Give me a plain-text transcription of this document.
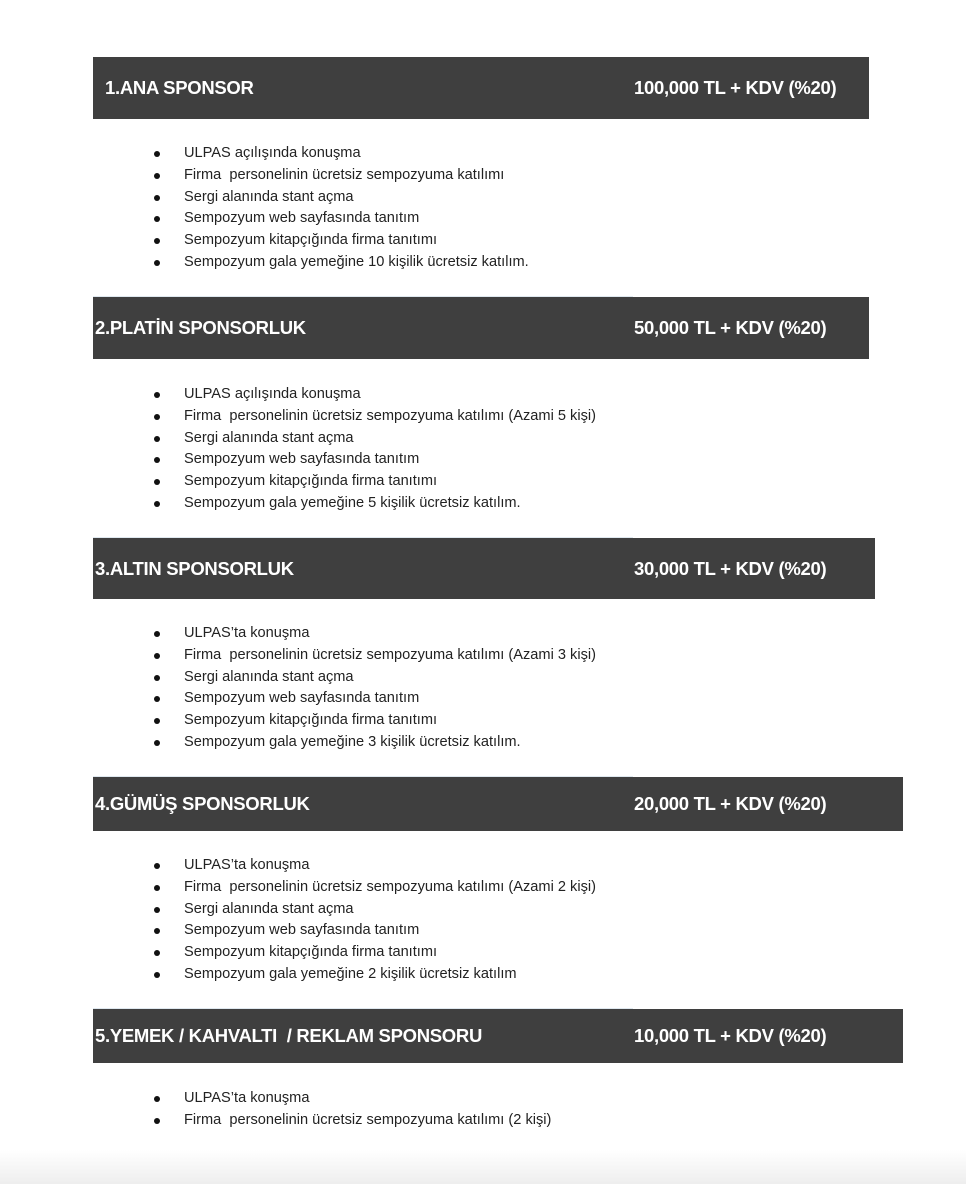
1.ANA SPONSOR	100,000 TL + KDV (%20)
ULPAS açılışında konuşma
Firma  personelinin ücretsiz sempozyuma katılımı
Sergi alanında stant açma
Sempozyum web sayfasında tanıtım
Sempozyum kitapçığında firma tanıtımı
Sempozyum gala yemeğine 10 kişilik ücretsiz katılım.
2.PLATİN SPONSORLUK	50,000 TL + KDV (%20)
ULPAS açılışında konuşma
Firma  personelinin ücretsiz sempozyuma katılımı (Azami 5 kişi)
Sergi alanında stant açma
Sempozyum web sayfasında tanıtım
Sempozyum kitapçığında firma tanıtımı
Sempozyum gala yemeğine 5 kişilik ücretsiz katılım.
3.ALTIN SPONSORLUK	30,000 TL + KDV (%20)
ULPAS’ta konuşma
Firma  personelinin ücretsiz sempozyuma katılımı (Azami 3 kişi)
Sergi alanında stant açma
Sempozyum web sayfasında tanıtım
Sempozyum kitapçığında firma tanıtımı
Sempozyum gala yemeğine 3 kişilik ücretsiz katılım.
4.GÜMÜŞ SPONSORLUK	20,000 TL + KDV (%20)
ULPAS’ta konuşma
Firma  personelinin ücretsiz sempozyuma katılımı (Azami 2 kişi)
Sergi alanında stant açma
Sempozyum web sayfasında tanıtım
Sempozyum kitapçığında firma tanıtımı
Sempozyum gala yemeğine 2 kişilik ücretsiz katılım
5.YEMEK / KAHVALTI  / REKLAM SPONSORU	10,000 TL + KDV (%20)
ULPAS’ta konuşma
Firma  personelinin ücretsiz sempozyuma katılımı (2 kişi)
